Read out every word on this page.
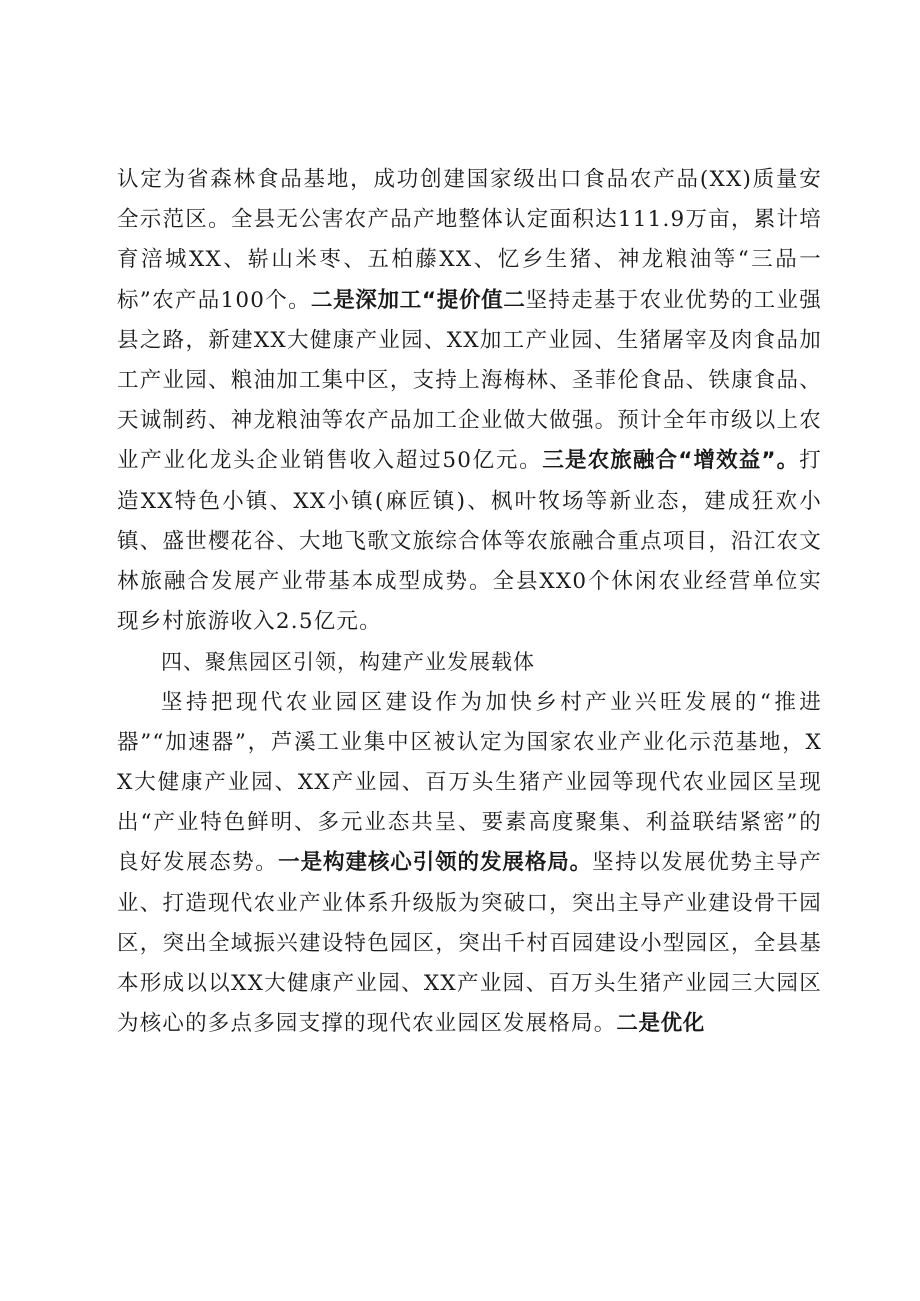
认定为省森林食品基地，成功创建国家级出口食品农产品(XX)质量安全示范区。全县无公害农产品产地整体认定面积达111.9万亩，累计培育涪城XX、崭山米枣、五柏藤XX、忆乡生猪、神龙粮油等“三品一标”农产品100个。二是深加工“提价值二坚持走基于农业优势的工业强县之路，新建XX大健康产业园、XX加工产业园、生猪屠宰及肉食品加工产业园、粮油加工集中区，支持上海梅林、圣菲伦食品、铁康食品、天诚制药、神龙粮油等农产品加工企业做大做强。预计全年市级以上农业产业化龙头企业销售收入超过50亿元。三是农旅融合“增效益”。打造XX特色小镇、XX小镇(麻匠镇)、枫叶牧场等新业态，建成狂欢小镇、盛世樱花谷、大地飞歌文旅综合体等农旅融合重点项目，沿江农文林旅融合发展产业带基本成型成势。全县XX0个休闲农业经营单位实现乡村旅游收入2.5亿元。

四、聚焦园区引领，构建产业发展载体

坚持把现代农业园区建设作为加快乡村产业兴旺发展的“推进器”“加速器”，芦溪工业集中区被认定为国家农业产业化示范基地，XX大健康产业园、XX产业园、百万头生猪产业园等现代农业园区呈现出“产业特色鲜明、多元业态共呈、要素高度聚集、利益联结紧密”的良好发展态势。一是构建核心引领的发展格局。坚持以发展优势主导产业、打造现代农业产业体系升级版为突破口，突出主导产业建设骨干园区，突出全域振兴建设特色园区，突出千村百园建设小型园区，全县基本形成以以XX大健康产业园、XX产业园、百万头生猪产业园三大园区为核心的多点多园支撑的现代农业园区发展格局。二是优化
